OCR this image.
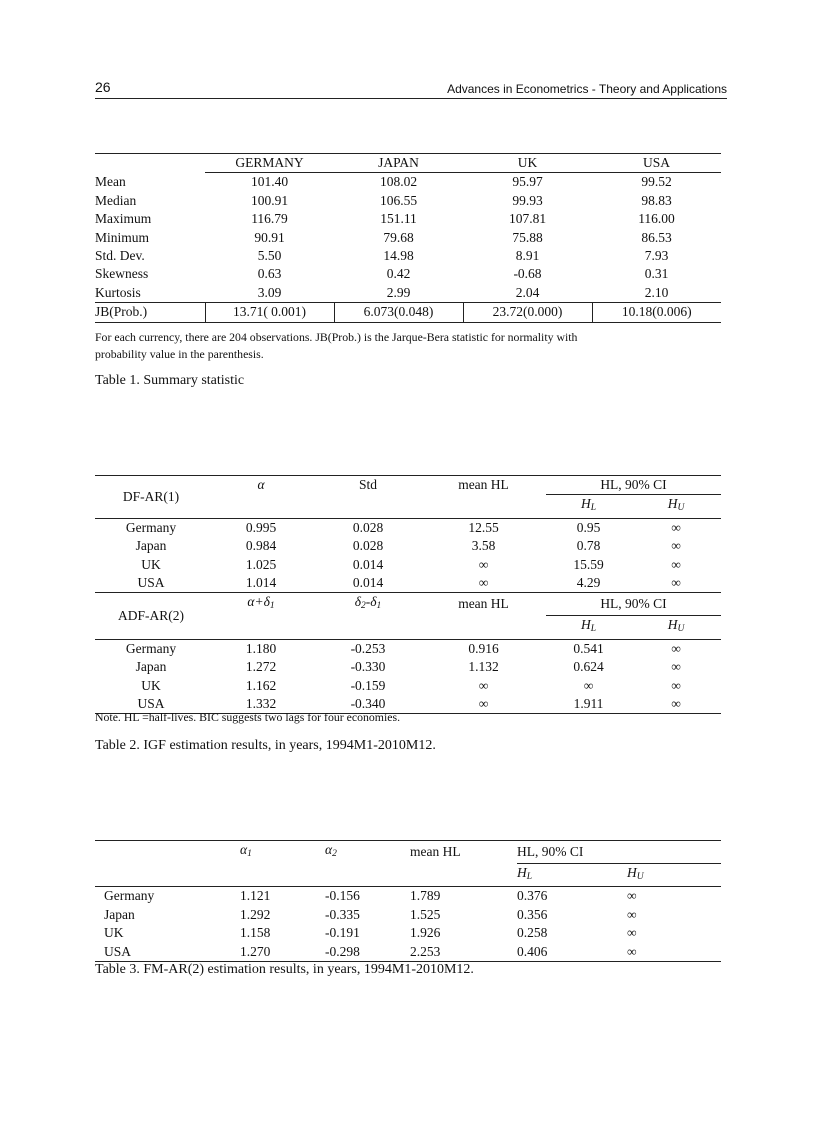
26	Advances in Econometrics - Theory and Applications
	GERMANY	JAPAN	UK	USA
Mean	101.40	108.02	95.97	99.52
Median	100.91	106.55	99.93	98.83
Maximum	116.79	151.11	107.81	116.00
Minimum	90.91	79.68	75.88	86.53
Std. Dev.	5.50	14.98	8.91	7.93
Skewness	0.63	0.42	-0.68	0.31
Kurtosis	3.09	2.99	2.04	2.10
JB(Prob.)	13.71( 0.001)	6.073(0.048)	23.72(0.000)	10.18(0.006)
For each currency, there are 204 observations. JB(Prob.) is the Jarque-Bera statistic for normality with
probability value in the parenthesis.
Table 1. Summary statistic
DF-AR(1)	α	Std	mean HL	HL, 90% CI	
				$H_L$	$H_U$
Germany	0.995	0.028	12.55	0.95	∞
Japan	0.984	0.028	3.58	0.78	∞
UK	1.025	0.014	∞	15.59	∞
USA	1.014	0.014	∞	4.29	∞
ADF-AR(2)	$\alpha+\delta_1$	$\delta_2-\delta_1$	mean HL	HL, 90% CI	
				$H_L$	$H_U$
Germany	1.180	-0.253	0.916	0.541	∞
Japan	1.272	-0.330	1.132	0.624	∞
UK	1.162	-0.159	∞	∞	∞
USA	1.332	-0.340	∞	1.911	∞
Note. HL =half-lives. BIC suggests two lags for four economies.
Table 2. IGF estimation results, in years, 1994M1-2010M12.
	$\alpha_1$	$\alpha_2$	mean HL	HL, 90% CI	
				$H_L$	$H_U$
Germany	1.121	-0.156	1.789	0.376	∞
Japan	1.292	-0.335	1.525	0.356	∞
UK	1.158	-0.191	1.926	0.258	∞
USA	1.270	-0.298	2.253	0.406	∞
Table 3. FM-AR(2) estimation results, in years, 1994M1-2010M12.
